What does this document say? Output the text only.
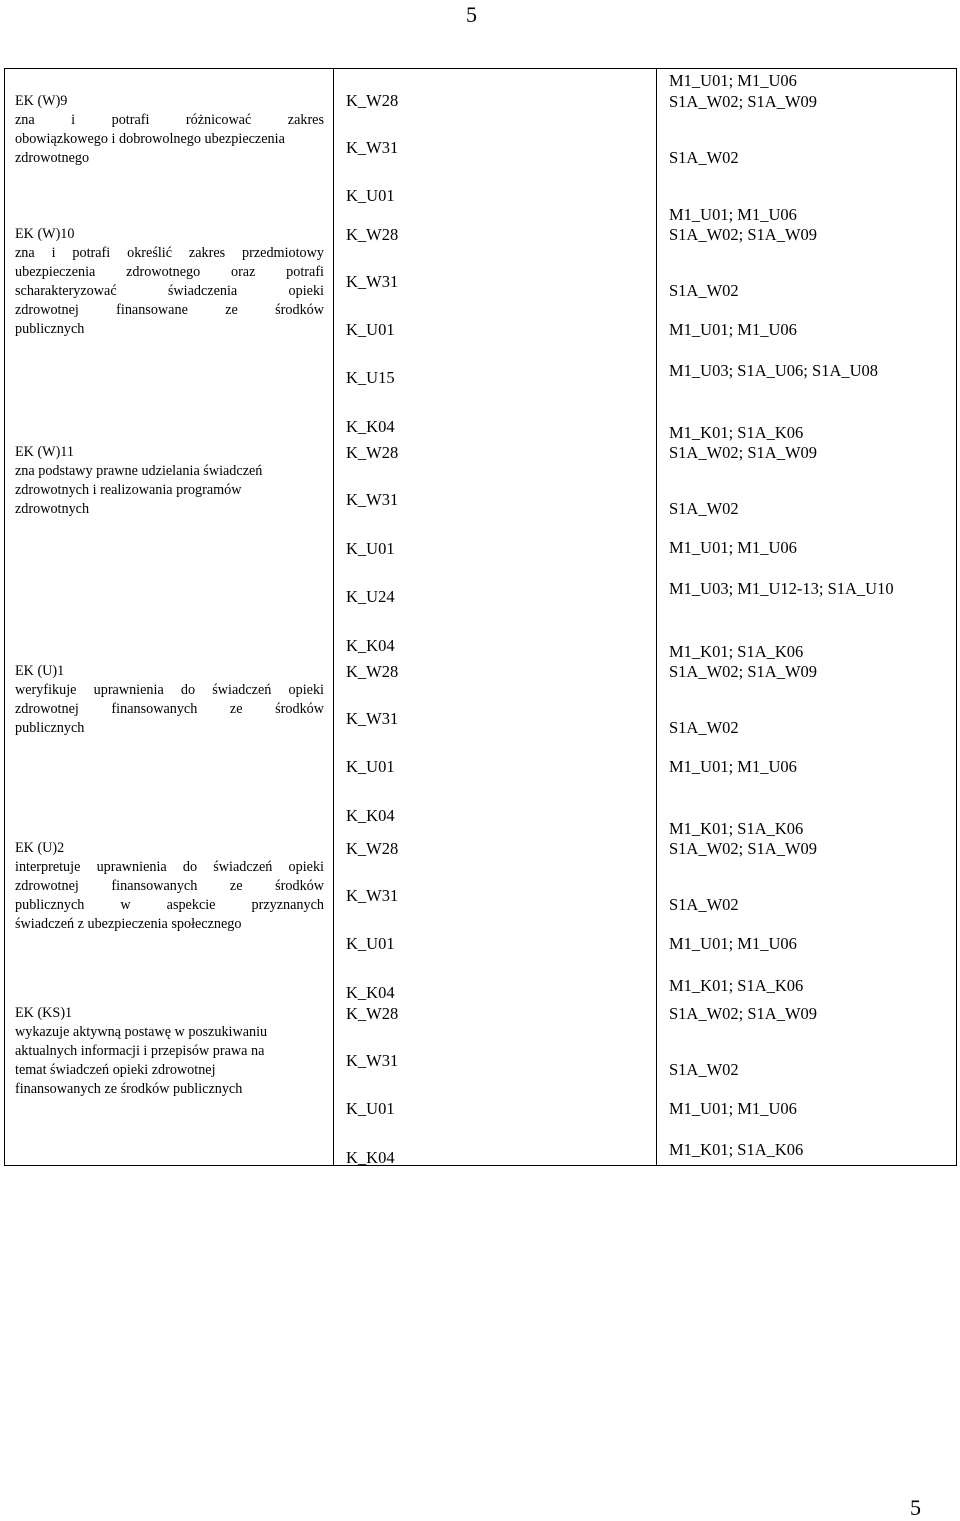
5
EK (W)9
zna i potrafi różnicować zakres
obowiązkowego i dobrowolnego ubezpieczenia
zdrowotnego
K_W28
K_W31
K_U01
M1_U01; M1_U06
S1A_W02; S1A_W09
S1A_W02
EK (W)10
zna i potrafi określić zakres przedmiotowy
ubezpieczenia zdrowotnego oraz potrafi
scharakteryzować świadczenia opieki
zdrowotnej finansowane ze środków
publicznych
K_W28
K_W31
K_U01
K_U15
M1_U01; M1_U06
S1A_W02; S1A_W09
S1A_W02
M1_U01; M1_U06
M1_U03; S1A_U06; S1A_U08
EK (W)11
zna podstawy prawne udzielania świadczeń
zdrowotnych i realizowania programów
zdrowotnych
K_K04
K_W28
K_W31
K_U01
K_U24
M1_K01; S1A_K06
S1A_W02; S1A_W09
S1A_W02
M1_U01; M1_U06
M1_U03; M1_U12-13; S1A_U10
EK (U)1
weryfikuje uprawnienia do świadczeń opieki
zdrowotnej finansowanych ze środków
publicznych
K_K04
K_W28
K_W31
K_U01
M1_K01; S1A_K06
S1A_W02; S1A_W09
S1A_W02
M1_U01; M1_U06
EK (U)2
interpretuje uprawnienia do świadczeń opieki
zdrowotnej finansowanych ze środków
publicznych w aspekcie przyznanych
świadczeń z ubezpieczenia społecznego
K_K04
K_W28
K_W31
K_U01
M1_K01; S1A_K06
S1A_W02; S1A_W09
S1A_W02
M1_U01; M1_U06
EK (KS)1
wykazuje aktywną postawę w poszukiwaniu
aktualnych informacji i przepisów prawa na
temat świadczeń opieki zdrowotnej
finansowanych ze środków publicznych
K_K04
K_W28
K_W31
K_U01
K_K04
M1_K01; S1A_K06
S1A_W02; S1A_W09
S1A_W02
M1_U01; M1_U06
M1_K01; S1A_K06
5
